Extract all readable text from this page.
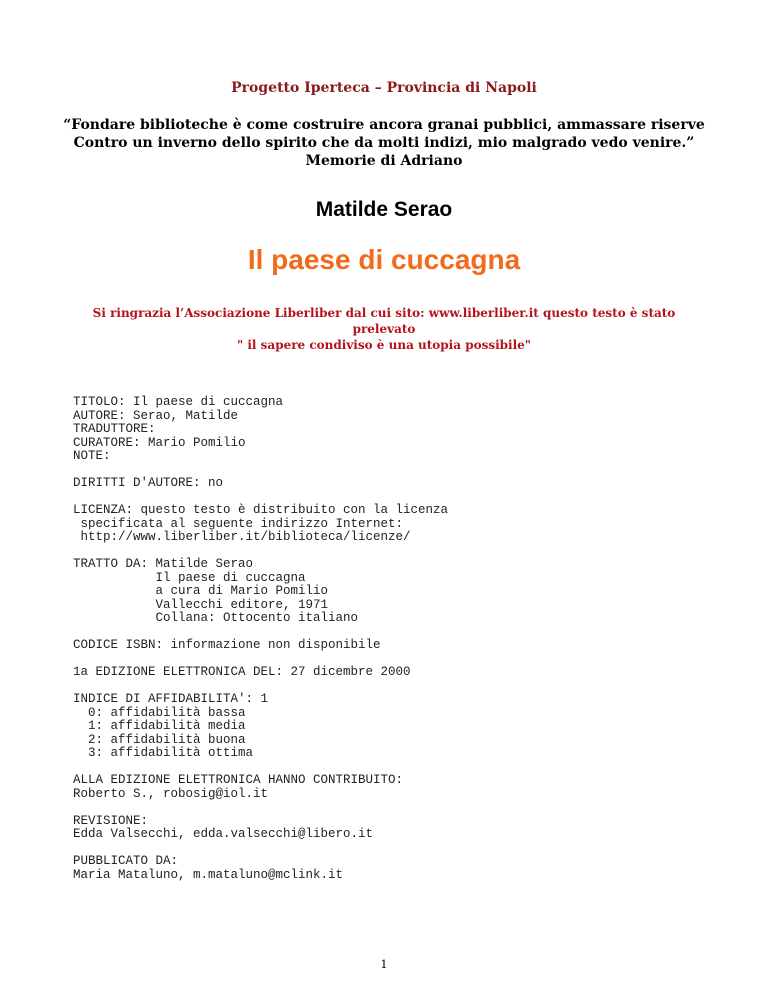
Progetto Iperteca – Provincia di Napoli
“Fondare biblioteche è come costruire ancora granai pubblici, ammassare riserve
Contro un inverno dello spirito che da molti indizi, mio malgrado vedo venire.”
Memorie di Adriano
Matilde Serao
Il paese di cuccagna
Si ringrazia l’Associazione Liberliber dal cui sito: www.liberliber.it questo testo è stato
prelevato
" il sapere condiviso è una utopia possibile"
TITOLO: Il paese di cuccagna
AUTORE: Serao, Matilde
TRADUTTORE:
CURATORE: Mario Pomilio
NOTE:
DIRITTI D'AUTORE: no
LICENZA: questo testo è distribuito con la licenza
specificata al seguente indirizzo Internet:
http://www.liberliber.it/biblioteca/licenze/
TRATTO DA: Matilde Serao
Il paese di cuccagna
a cura di Mario Pomilio
Vallecchi editore, 1971
Collana: Ottocento italiano
CODICE ISBN: informazione non disponibile
1a EDIZIONE ELETTRONICA DEL: 27 dicembre 2000
INDICE DI AFFIDABILITA': 1
0: affidabilità bassa
1: affidabilità media
2: affidabilità buona
3: affidabilità ottima
ALLA EDIZIONE ELETTRONICA HANNO CONTRIBUITO:
Roberto S., robosig@iol.it
REVISIONE:
Edda Valsecchi, edda.valsecchi@libero.it
PUBBLICATO DA:
Maria Mataluno, m.mataluno@mclink.it
1
